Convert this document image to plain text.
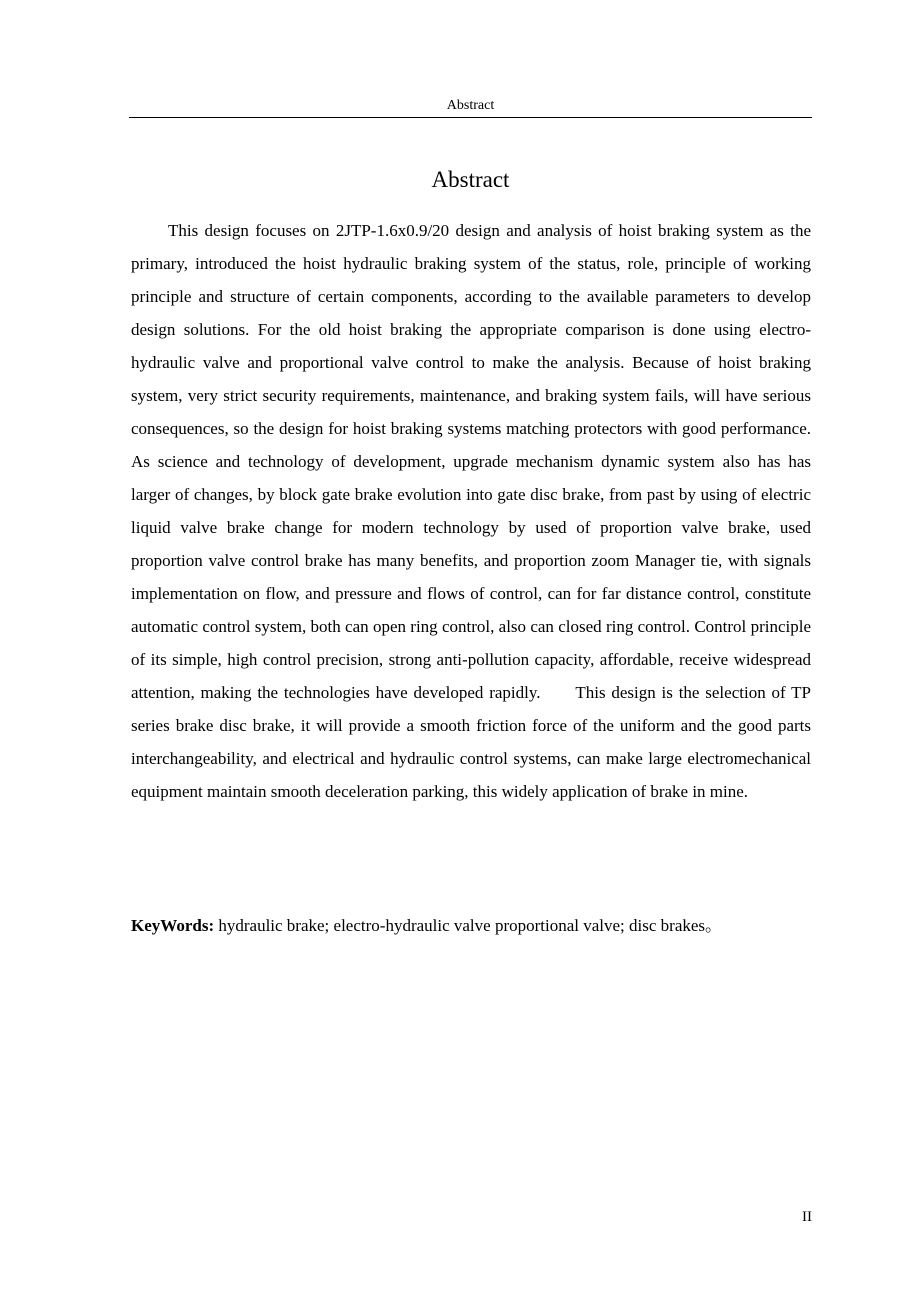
Abstract
Abstract

This design focuses on 2JTP-1.6x0.9/20 design and analysis of hoist braking system as the primary, introduced the hoist hydraulic braking system of the status, role, principle of working principle and structure of certain components, according to the available parameters to develop design solutions. For the old hoist braking the appropriate comparison is done using electro-hydraulic valve and proportional valve control to make the analysis. Because of hoist braking system, very strict security requirements, maintenance, and braking system fails, will have serious consequences, so the design for hoist braking systems matching protectors with good performance. As science and technology of development, upgrade mechanism dynamic system also has has larger of changes, by block gate brake evolution into gate disc brake, from past by using of electric liquid valve brake change for modern technology by used of proportion valve brake, used proportion valve control brake has many benefits, and proportion zoom Manager tie, with signals implementation on flow, and pressure and flows of control, can for far distance control, constitute automatic control system, both can open ring control, also can closed ring control. Control principle of its simple, high control precision, strong anti-pollution capacity, affordable, receive widespread attention, making the technologies have developed rapidly.      This design is the selection of TP series brake disc brake, it will provide a smooth friction force of the uniform and the good parts interchangeability, and electrical and hydraulic control systems, can make large electromechanical equipment maintain smooth deceleration parking, this widely application of brake in mine.

KeyWords: hydraulic brake; electro-hydraulic valve proportional valve; disc brakes。

II
